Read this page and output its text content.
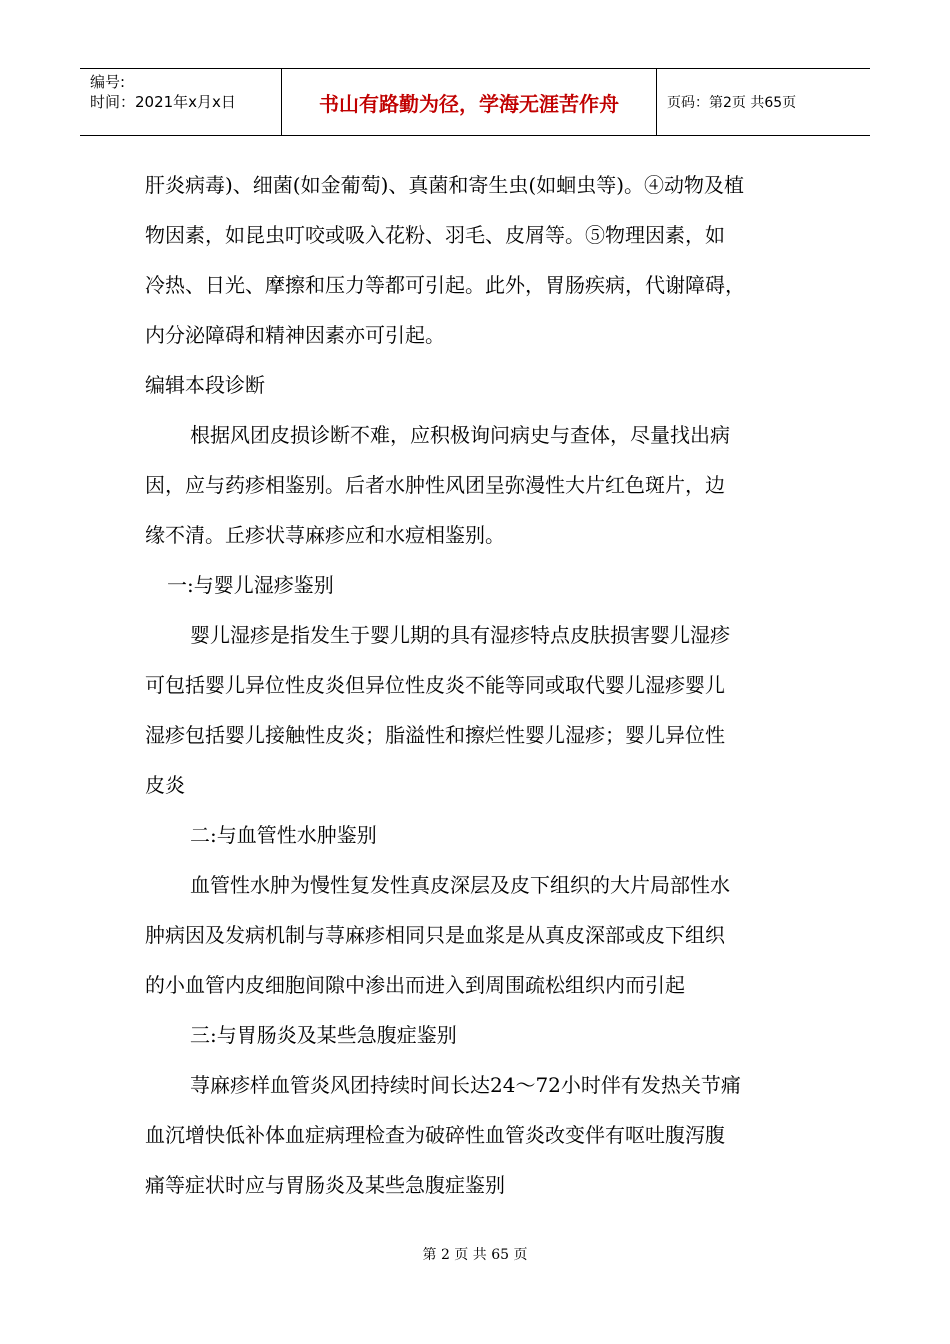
编号:
时间：2021年x月x日	书山有路勤为径，学海无涯苦作舟	页码：第2页 共65页
肝炎病毒)、细菌(如金葡萄)、真菌和寄生虫(如蛔虫等)。④动物及植
物因素，如昆虫叮咬或吸入花粉、羽毛、皮屑等。⑤物理因素，如
冷热、日光、摩擦和压力等都可引起。此外，胃肠疾病，代谢障碍，
内分泌障碍和精神因素亦可引起。
编辑本段诊断
根据风团皮损诊断不难，应积极询问病史与查体，尽量找出病
因，应与药疹相鉴别。后者水肿性风团呈弥漫性大片红色斑片，边
缘不清。丘疹状荨麻疹应和水痘相鉴别。
一:与婴儿湿疹鉴别
婴儿湿疹是指发生于婴儿期的具有湿疹特点皮肤损害婴儿湿疹
可包括婴儿异位性皮炎但异位性皮炎不能等同或取代婴儿湿疹婴儿
湿疹包括婴儿接触性皮炎；脂溢性和擦烂性婴儿湿疹；婴儿异位性
皮炎
二:与血管性水肿鉴别
血管性水肿为慢性复发性真皮深层及皮下组织的大片局部性水
肿病因及发病机制与荨麻疹相同只是血浆是从真皮深部或皮下组织
的小血管内皮细胞间隙中渗出而进入到周围疏松组织内而引起
三:与胃肠炎及某些急腹症鉴别
荨麻疹样血管炎风团持续时间长达24～72小时伴有发热关节痛
血沉增快低补体血症病理检查为破碎性血管炎改变伴有呕吐腹泻腹
痛等症状时应与胃肠炎及某些急腹症鉴别
第 2 页 共 65 页
